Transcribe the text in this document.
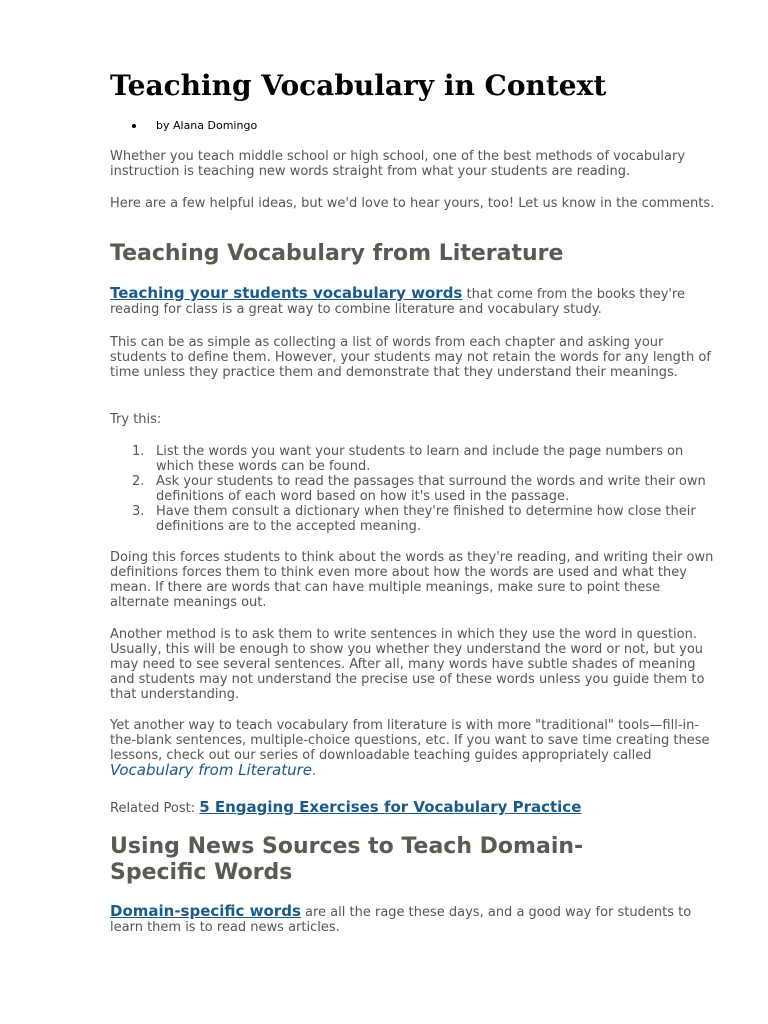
Teaching Vocabulary in Context
by Alana Domingo

Whether you teach middle school or high school, one of the best methods of vocabulary instruction is teaching new words straight from what your students are reading.

Here are a few helpful ideas, but we'd love to hear yours, too! Let us know in the comments.

Teaching Vocabulary from Literature

Teaching your students vocabulary words that come from the books they're reading for class is a great way to combine literature and vocabulary study.

This can be as simple as collecting a list of words from each chapter and asking your students to define them. However, your students may not retain the words for any length of time unless they practice them and demonstrate that they understand their meanings.

Try this:

1. List the words you want your students to learn and include the page numbers on which these words can be found.
2. Ask your students to read the passages that surround the words and write their own definitions of each word based on how it's used in the passage.
3. Have them consult a dictionary when they're finished to determine how close their definitions are to the accepted meaning.

Doing this forces students to think about the words as they're reading, and writing their own definitions forces them to think even more about how the words are used and what they mean. If there are words that can have multiple meanings, make sure to point these alternate meanings out.

Another method is to ask them to write sentences in which they use the word in question. Usually, this will be enough to show you whether they understand the word or not, but you may need to see several sentences. After all, many words have subtle shades of meaning and students may not understand the precise use of these words unless you guide them to that understanding.

Yet another way to teach vocabulary from literature is with more "traditional" tools—fill-in-the-blank sentences, multiple-choice questions, etc. If you want to save time creating these lessons, check out our series of downloadable teaching guides appropriately called Vocabulary from Literature.

Related Post: 5 Engaging Exercises for Vocabulary Practice

Using News Sources to Teach Domain-Specific Words

Domain-specific words are all the rage these days, and a good way for students to learn them is to read news articles.
